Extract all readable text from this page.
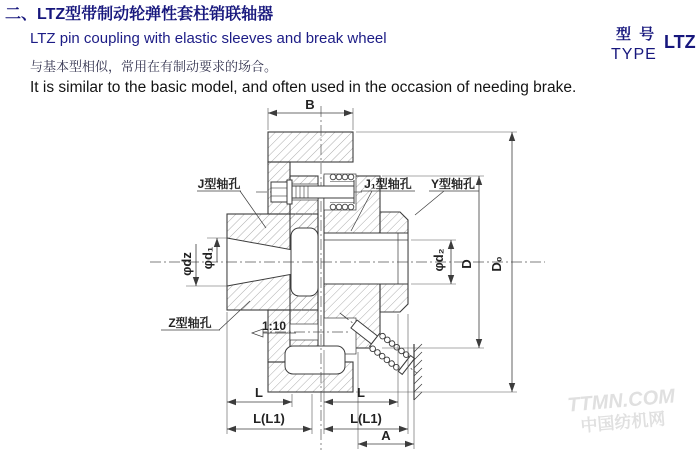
二、LTZ型带制动轮弹性套柱销联轴器
LTZ pin coupling with elastic sleeves and break wheel
与基本型相似，常用在有制动要求的场合。
It is similar to the basic model, and often used in the occasion of needing brake.
型 号
TYPE
LTZ
B
J型轴孔	J₁型轴孔 Y型轴孔
Z型轴孔	1:10
φdz φd₁	φd₂ D D₀
L
L(L1)
L
L(L1)
A
TTMN.COM
中国纺机网
